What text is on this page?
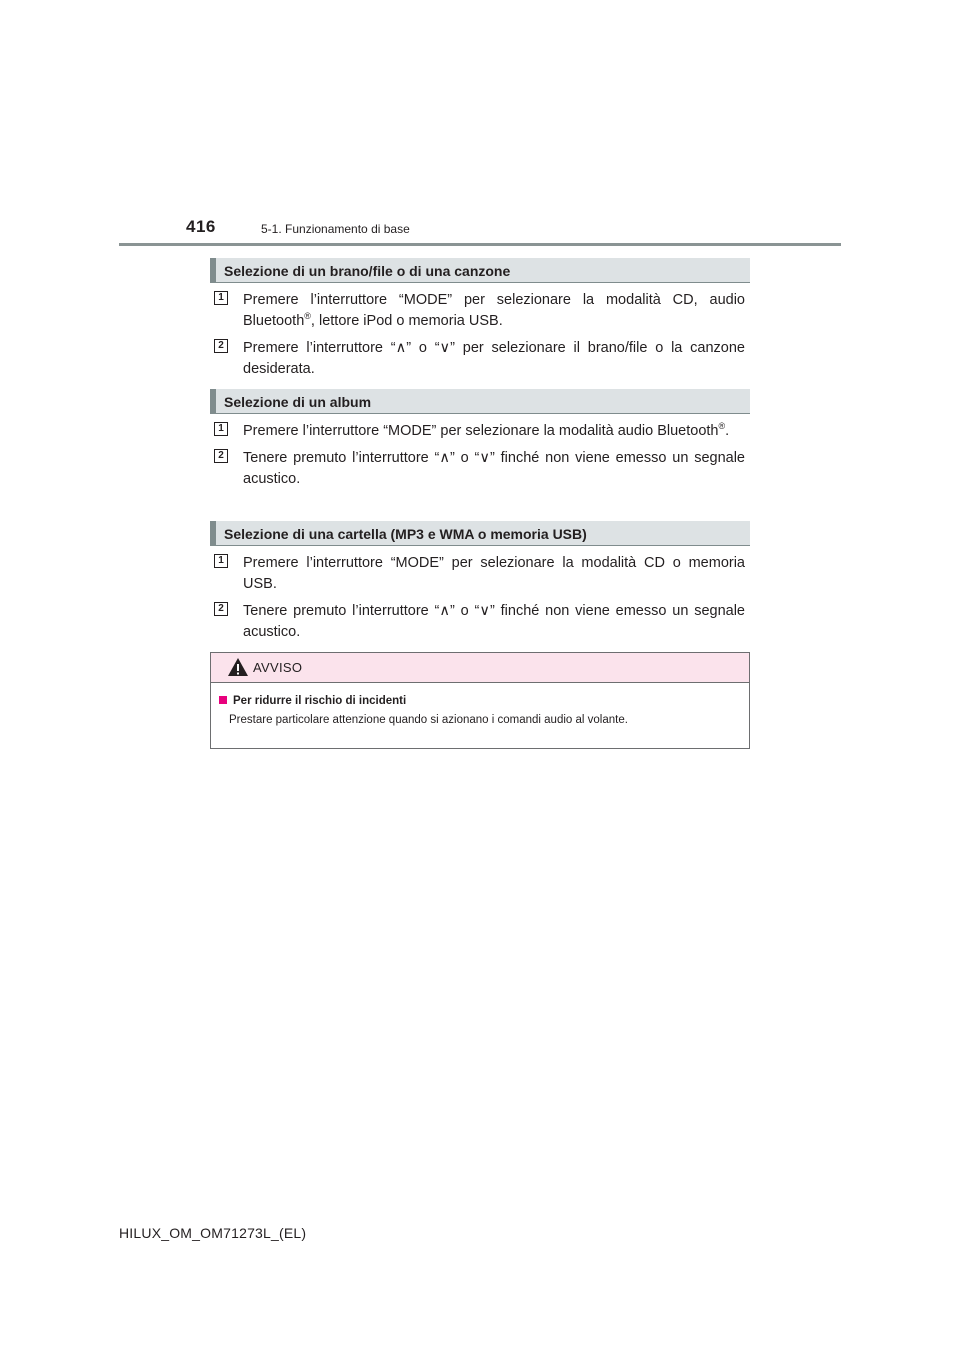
416	5-1. Funzionamento di base
Selezione di un brano/file o di una canzone
1 Premere l’interruttore “MODE” per selezionare la modalità CD, audio Bluetooth®, lettore iPod o memoria USB.
2 Premere l’interruttore “∧” o “∨” per selezionare il brano/file o la canzone desiderata.
Selezione di un album
1 Premere l’interruttore “MODE” per selezionare la modalità audio Bluetooth®.
2 Tenere premuto l’interruttore “∧” o “∨” finché non viene emesso un segnale acustico.
Selezione di una cartella (MP3 e WMA o memoria USB)
1 Premere l’interruttore “MODE” per selezionare la modalità CD o memoria USB.
2 Tenere premuto l’interruttore “∧” o “∨” finché non viene emesso un segnale acustico.
AVVISO
Per ridurre il rischio di incidenti
Prestare particolare attenzione quando si azionano i comandi audio al volante.
HILUX_OM_OM71273L_(EL)
